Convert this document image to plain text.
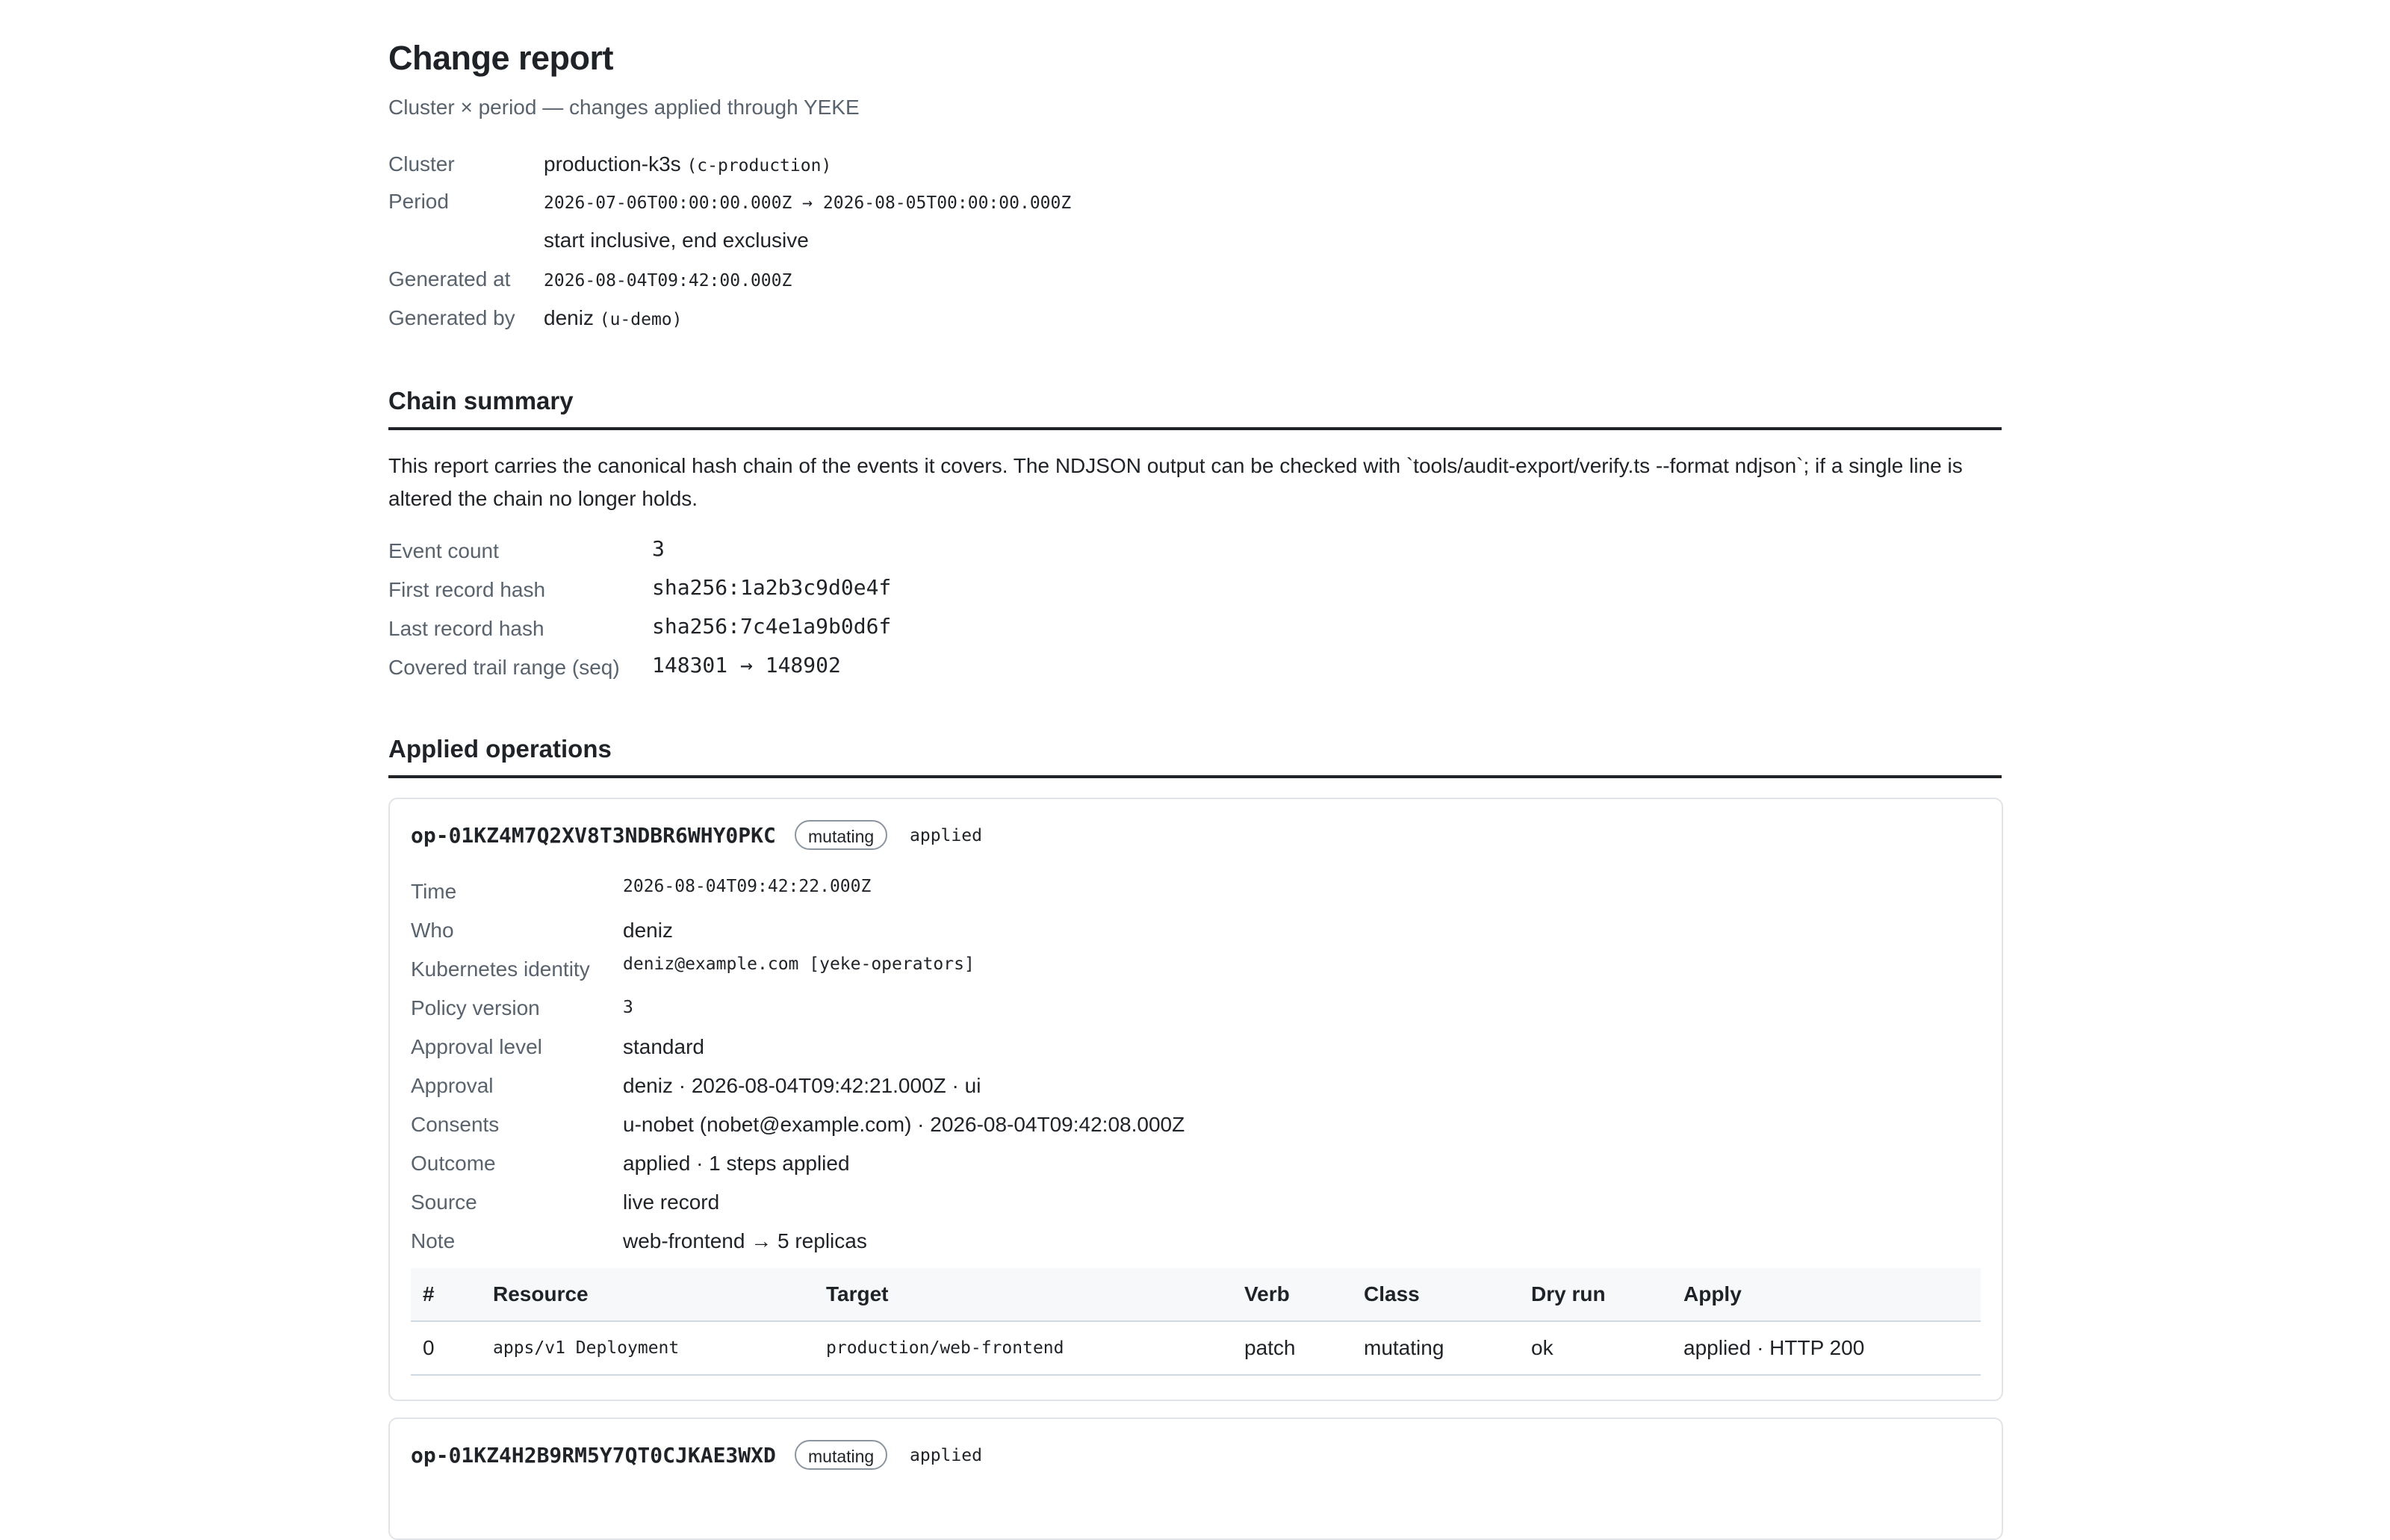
Change report
Cluster × period — changes applied through YEKE
Cluster	production-k3s (c-production)
Period	2026-07-06T00:00:00.000Z → 2026-08-05T00:00:00.000Z
start inclusive, end exclusive
Generated at 2026-08-04T09:42:00.000Z
Generated by deniz (u-demo)
Chain summary
This report carries the canonical hash chain of the events it covers. The NDJSON output can be checked with `tools/audit-export/verify.ts --format ndjson`; if a single line is altered the chain no longer holds.
Event count	3
First record hash	sha256:1a2b3c9d0e4f
Last record hash	sha256:7c4e1a9b0d6f
Covered trail range (seq) 148301 → 148902
Applied operations
op-01KZ4M7Q2XV8T3NDBR6WHY0PKC	mutating	applied
Time	2026-08-04T09:42:22.000Z
Who	deniz
Kubernetes identity deniz@example.com [yeke-operators]
Policy version	3
Approval level	standard
Approval	deniz · 2026-08-04T09:42:21.000Z · ui
Consents	u-nobet (nobet@example.com) · 2026-08-04T09:42:08.000Z
Outcome	applied · 1 steps applied
Source	live record
Note	web-frontend → 5 replicas
#	Resource	Target	Verb	Class	Dry run	Apply
0	apps/v1 Deployment	production/web-frontend	patch	mutating	ok	applied · HTTP 200
op-01KZ4H2B9RM5Y7QT0CJKAE3WXD	mutating	applied
